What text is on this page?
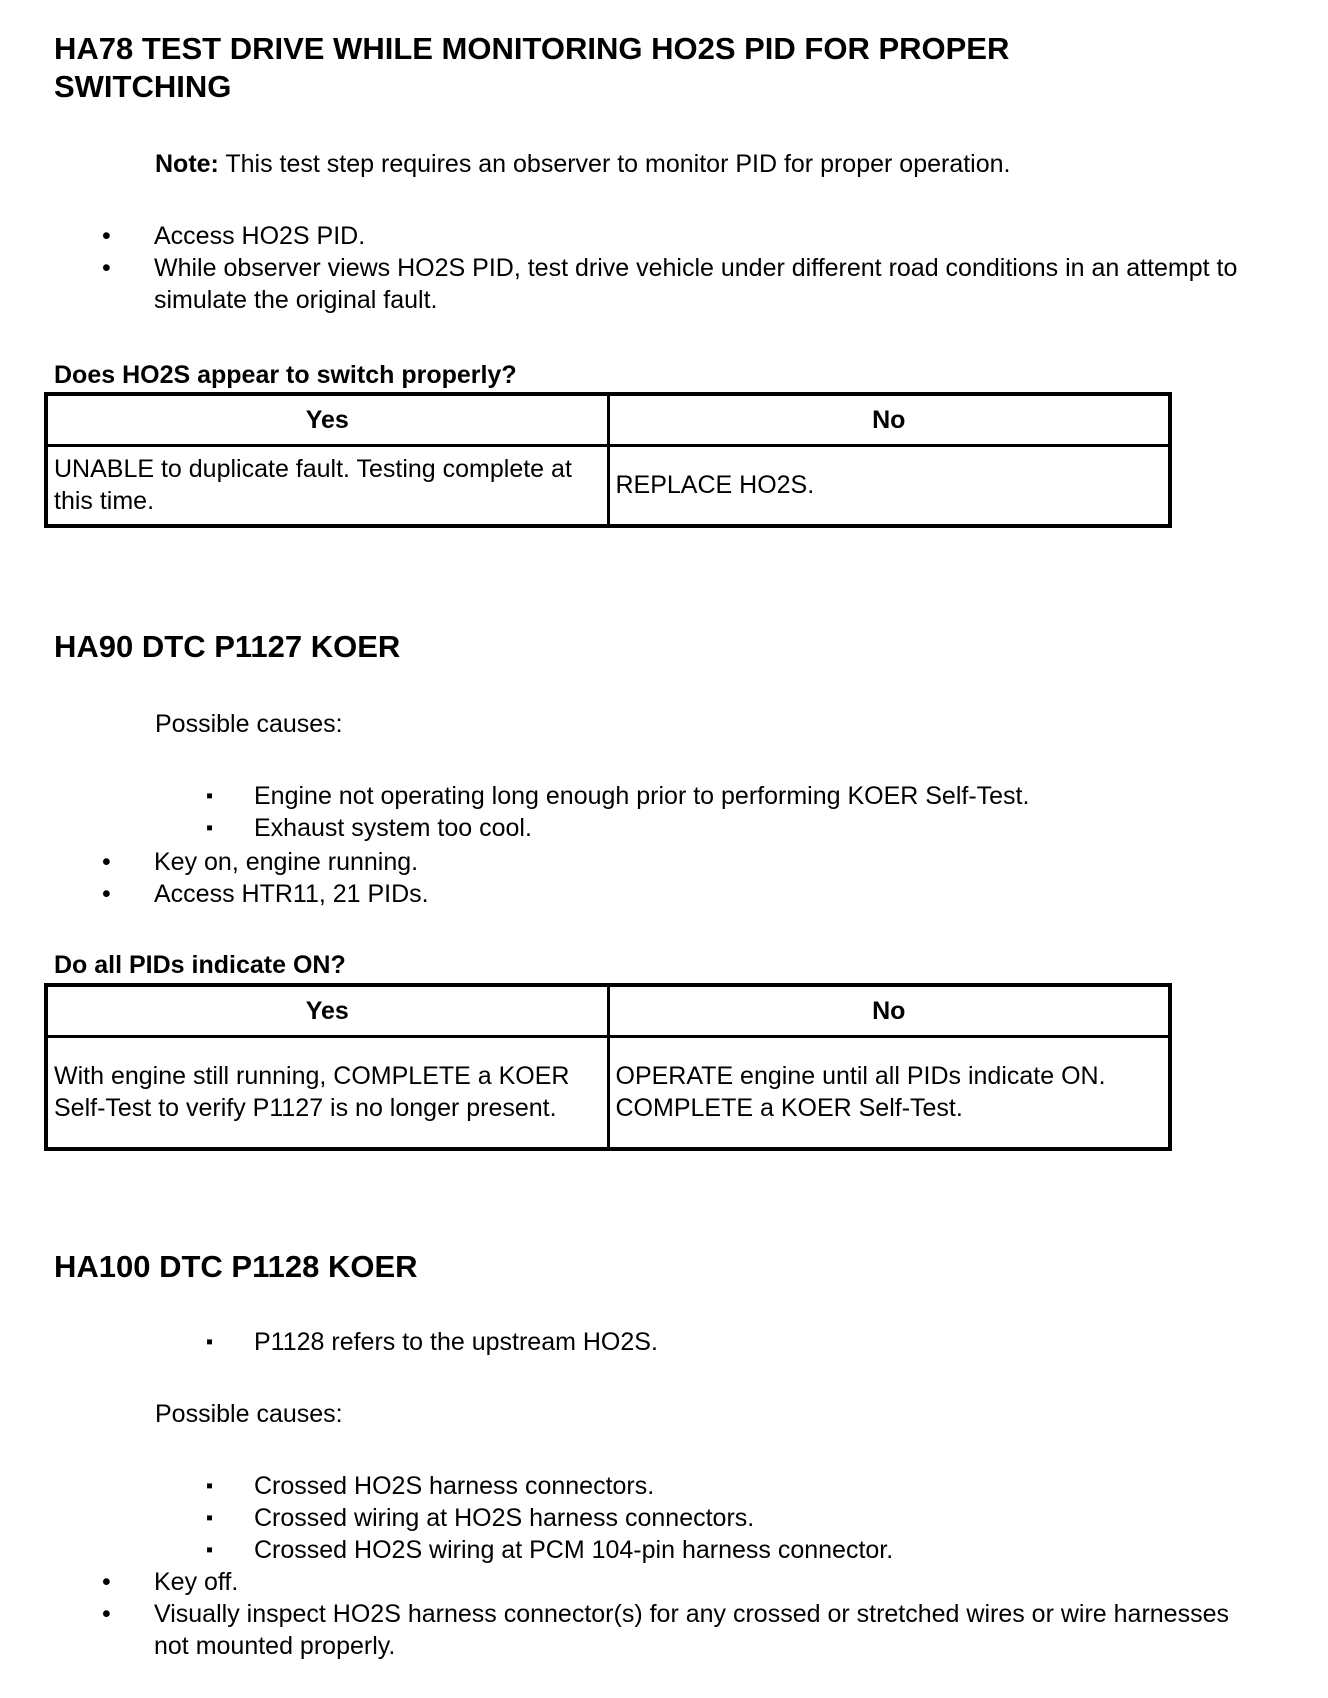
HA78 TEST DRIVE WHILE MONITORING HO2S PID FOR PROPER
SWITCHING

Note: This test step requires an observer to monitor PID for proper operation.

• Access HO2S PID.
• While observer views HO2S PID, test drive vehicle under different road conditions in an attempt to simulate the original fault.

Does HO2S appear to switch properly?

Yes	No
UNABLE to duplicate fault. Testing complete at this time.	REPLACE HO2S.
HA90 DTC P1127 KOER

Possible causes:

▪ Engine not operating long enough prior to performing KOER Self-Test.
▪ Exhaust system too cool.
• Key on, engine running.
• Access HTR11, 21 PIDs.

Do all PIDs indicate ON?

Yes	No
With engine still running, COMPLETE a KOER Self-Test to verify P1127 is no longer present.	OPERATE engine until all PIDs indicate ON. COMPLETE a KOER Self-Test.
HA100 DTC P1128 KOER
▪ P1128 refers to the upstream HO2S.

Possible causes:

▪ Crossed HO2S harness connectors.
▪ Crossed wiring at HO2S harness connectors.
▪ Crossed HO2S wiring at PCM 104-pin harness connector.
• Key off.
• Visually inspect HO2S harness connector(s) for any crossed or stretched wires or wire harnesses not mounted properly.
